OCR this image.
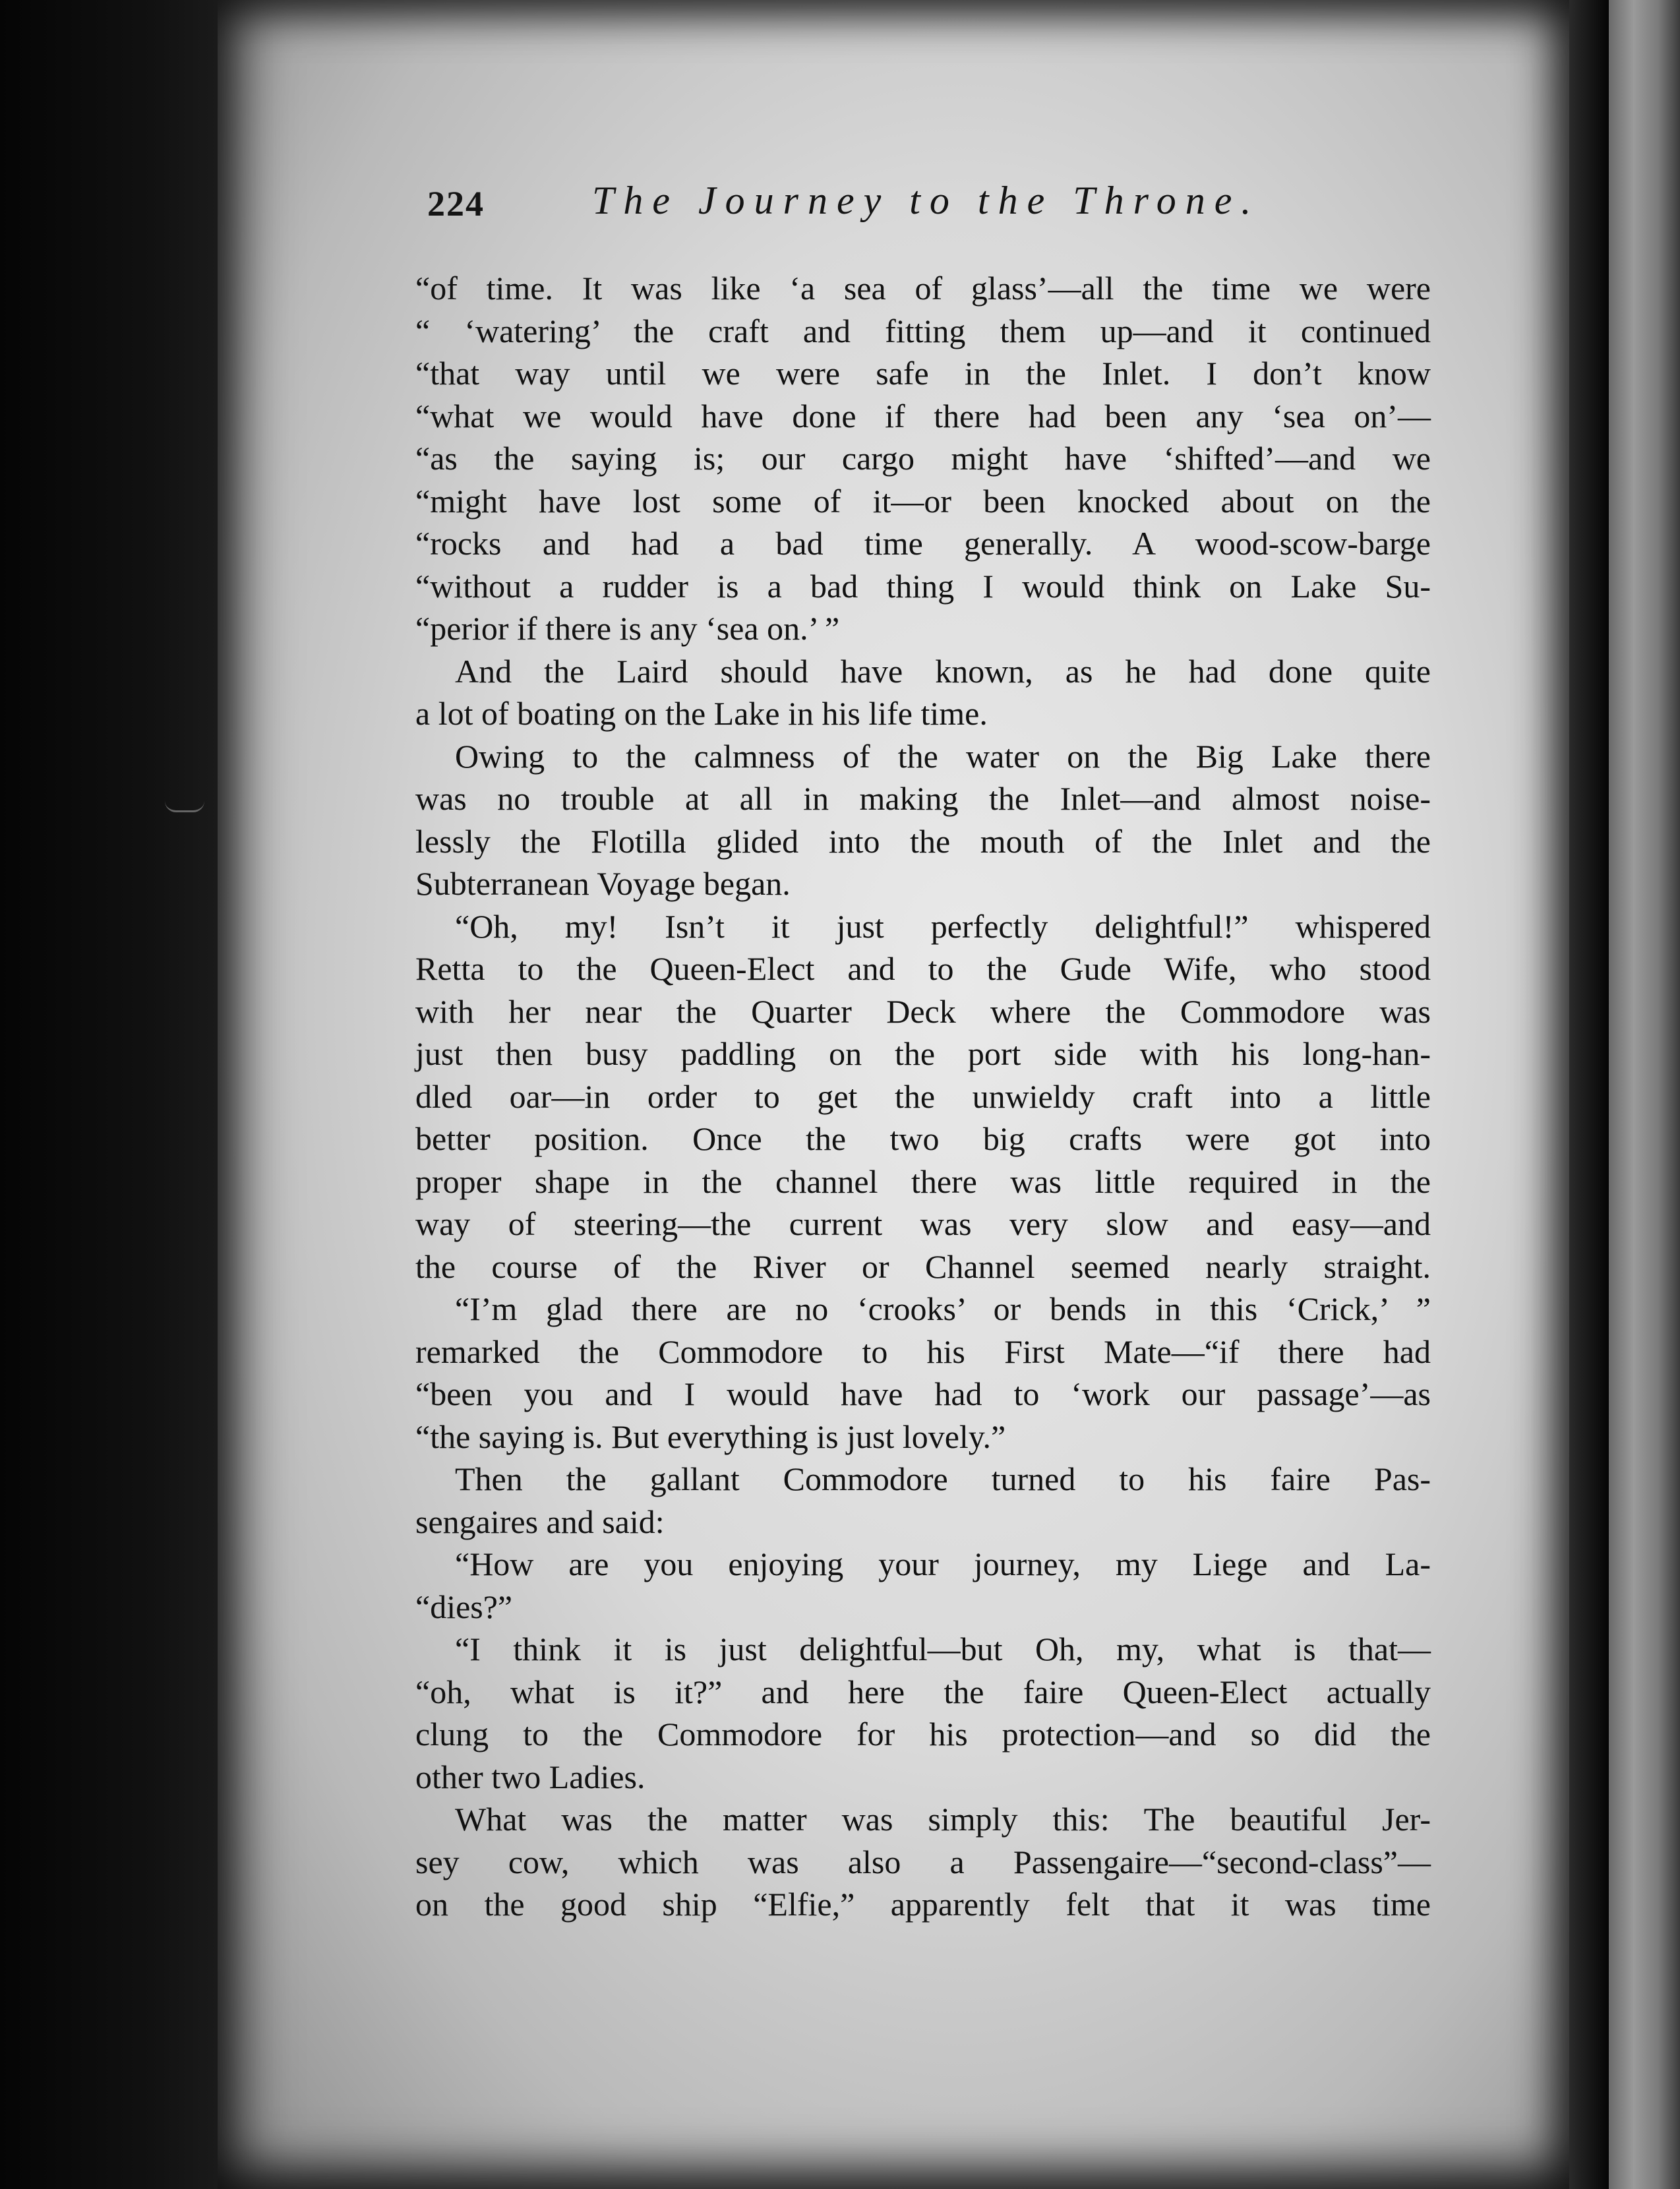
224	The Journey to the Throne.
“of time. It was like ‘a sea of glass’—all the time we were
“ ‘watering’ the craft and fitting them up—and it continued
“that way until we were safe in the Inlet. I don’t know
“what we would have done if there had been any ‘sea on’—
“as the saying is; our cargo might have ‘shifted’—and we
“might have lost some of it—or been knocked about on the
“rocks and had a bad time generally. A wood-scow-barge
“without a rudder is a bad thing I would think on Lake Su-
“perior if there is any ‘sea on.’ ”
And the Laird should have known, as he had done quite
a lot of boating on the Lake in his life time.
Owing to the calmness of the water on the Big Lake there
was no trouble at all in making the Inlet—and almost noise-
lessly the Flotilla glided into the mouth of the Inlet and the
Subterranean Voyage began.
“Oh, my! Isn’t it just perfectly delightful!” whispered
Retta to the Queen-Elect and to the Gude Wife, who stood
with her near the Quarter Deck where the Commodore was
just then busy paddling on the port side with his long-han-
dled oar—in order to get the unwieldy craft into a little
better position. Once the two big crafts were got into
proper shape in the channel there was little required in the
way of steering—the current was very slow and easy—and
the course of the River or Channel seemed nearly straight.
“I’m glad there are no ‘crooks’ or bends in this ‘Crick,’ ”
remarked the Commodore to his First Mate—“if there had
“been you and I would have had to ‘work our passage’—as
“the saying is. But everything is just lovely.”
Then the gallant Commodore turned to his faire Pas-
sengaires and said:
“How are you enjoying your journey, my Liege and La-
“dies?”
“I think it is just delightful—but Oh, my, what is that—
“oh, what is it?” and here the faire Queen-Elect actually
clung to the Commodore for his protection—and so did the
other two Ladies.
What was the matter was simply this: The beautiful Jer-
sey cow, which was also a Passengaire—“second-class”—
on the good ship “Elfie,” apparently felt that it was time
